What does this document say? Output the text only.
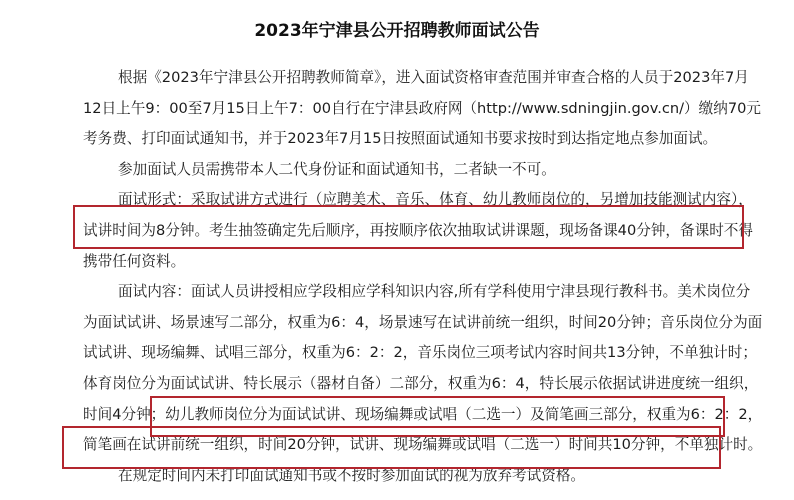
2023年宁津县公开招聘教师面试公告
根据《2023年宁津县公开招聘教师简章》，进入面试资格审查范围并审查合格的人员于2023年7月
12日上午9：00至7月15日上午7：00自行在宁津县政府网（http://www.sdningjin.gov.cn/）缴纳70元
考务费、打印面试通知书，并于2023年7月15日按照面试通知书要求按时到达指定地点参加面试。
参加面试人员需携带本人二代身份证和面试通知书，二者缺一不可。
面试形式：采取试讲方式进行（应聘美术、音乐、体育、幼儿教师岗位的，另增加技能测试内容），
试讲时间为8分钟。考生抽签确定先后顺序，再按顺序依次抽取试讲课题，现场备课40分钟，备课时不得
携带任何资料。
面试内容：面试人员讲授相应学段相应学科知识内容,所有学科使用宁津县现行教科书。美术岗位分
为面试试讲、场景速写二部分，权重为6：4，场景速写在试讲前统一组织，时间20分钟；音乐岗位分为面
试试讲、现场编舞、试唱三部分，权重为6：2：2，音乐岗位三项考试内容时间共13分钟，不单独计时；
体育岗位分为面试试讲、特长展示（器材自备）二部分，权重为6：4，特长展示依据试讲进度统一组织，
时间4分钟；幼儿教师岗位分为面试试讲、现场编舞或试唱（二选一）及简笔画三部分，权重为6：2：2，
简笔画在试讲前统一组织，时间20分钟，试讲、现场编舞或试唱（二选一）时间共10分钟，不单独计时。
在规定时间内未打印面试通知书或不按时参加面试的视为放弃考试资格。
